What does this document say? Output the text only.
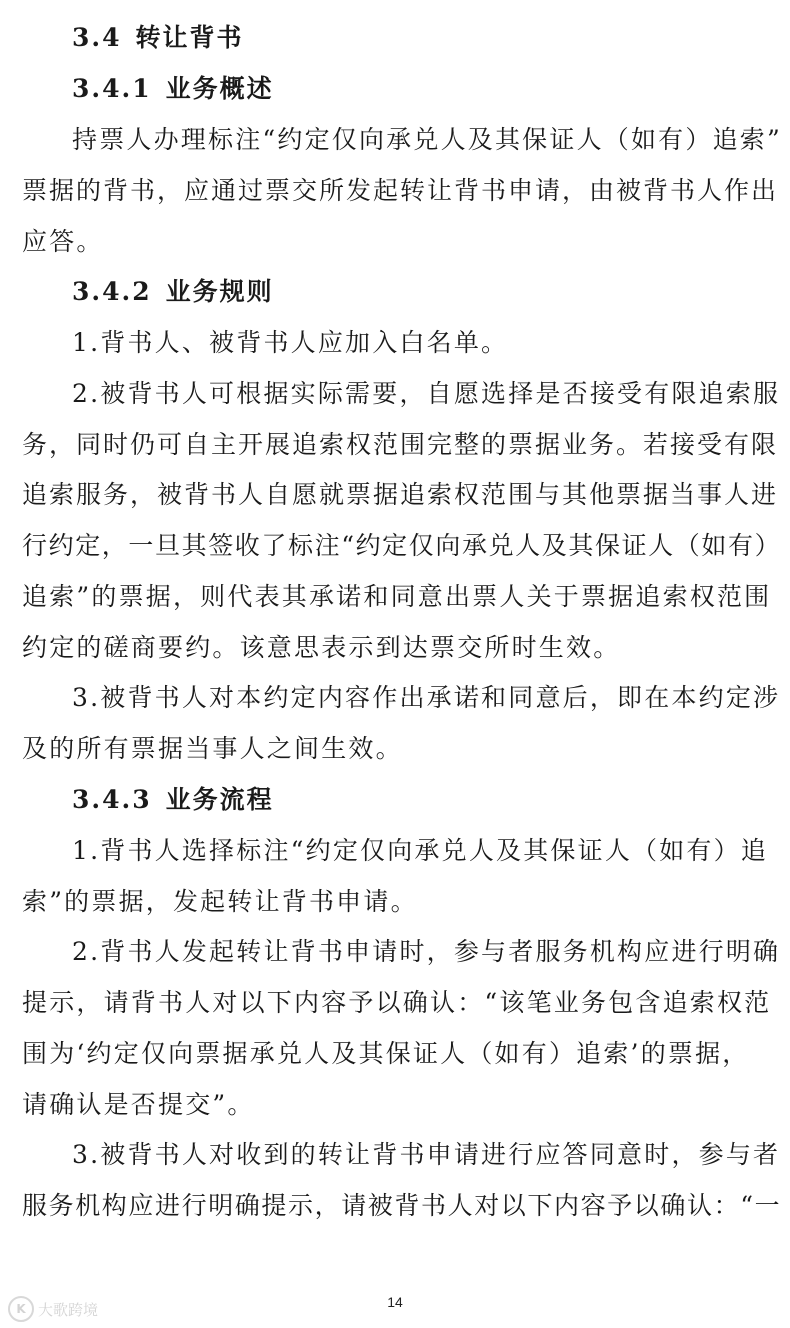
3.4 转让背书
3.4.1 业务概述
持票人办理标注“约定仅向承兑人及其保证人（如有）追索”
票据的背书，应通过票交所发起转让背书申请，由被背书人作出
应答。
3.4.2 业务规则
1.背书人、被背书人应加入白名单。
2.被背书人可根据实际需要，自愿选择是否接受有限追索服
务，同时仍可自主开展追索权范围完整的票据业务。若接受有限
追索服务，被背书人自愿就票据追索权范围与其他票据当事人进
行约定，一旦其签收了标注“约定仅向承兑人及其保证人（如有）
追索”的票据，则代表其承诺和同意出票人关于票据追索权范围
约定的磋商要约。该意思表示到达票交所时生效。
3.被背书人对本约定内容作出承诺和同意后，即在本约定涉
及的所有票据当事人之间生效。
3.4.3 业务流程
1.背书人选择标注“约定仅向承兑人及其保证人（如有）追
索”的票据，发起转让背书申请。
2.背书人发起转让背书申请时，参与者服务机构应进行明确
提示，请背书人对以下内容予以确认：“该笔业务包含追索权范
围为‘约定仅向票据承兑人及其保证人（如有）追索’的票据，
请确认是否提交”。
3.被背书人对收到的转让背书申请进行应答同意时，参与者
服务机构应进行明确提示，请被背书人对以下内容予以确认：“一
14
K 大歌跨境
